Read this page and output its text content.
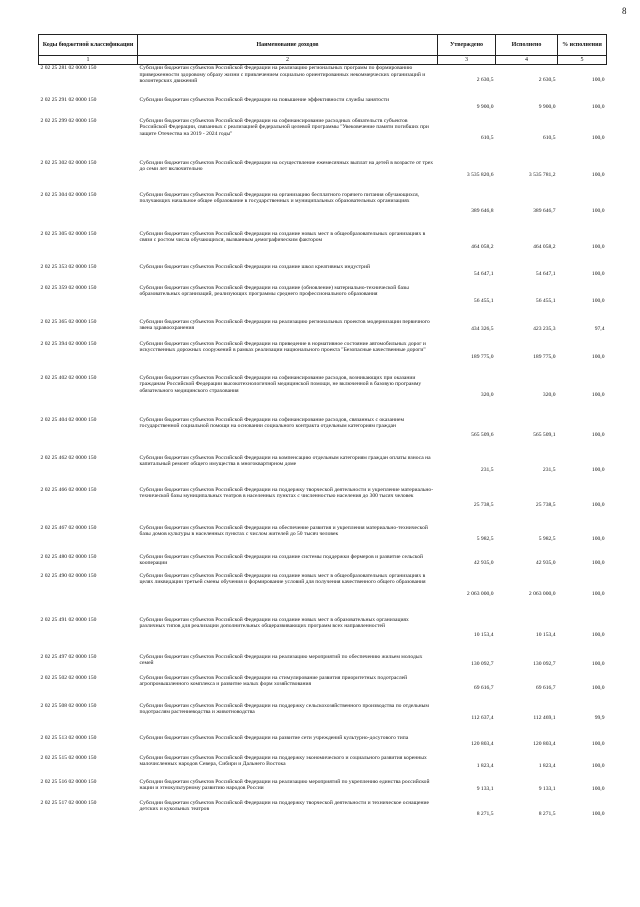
8
Коды бюджетной классификации	Наименование доходов	Утверждено	Исполнено	% исполнения
1	2	3	4	5
2 02 25 281 02 0000 150	Субсидии бюджетам субъектов Российской Федерации на реализацию региональных программ по формированию приверженности здоровому образу жизни с привлечением социально ориентированных некоммерческих организаций и волонтерских движений	2 630,5	2 630,5	100,0
2 02 25 291 02 0000 150	Субсидии бюджетам субъектов Российской Федерации на повышение эффективности службы занятости	9 900,0	9 900,0	100,0
2 02 25 299 02 0000 150	Субсидии бюджетам субъектов Российской Федерации на софинансирование расходных обязательств субъектов Российской Федерации, связанных с реализацией федеральной целевой программы "Увековечение памяти погибших при защите Отечества на 2019 - 2024 годы"	610,5	610,5	100,0
2 02 25 302 02 0000 150	Субсидии бюджетам субъектов Российской Федерации на осуществление ежемесячных выплат на детей в возрасте от трех до семи лет включительно	3 535 820,6	3 535 781,2	100,0
2 02 25 304 02 0000 150	Субсидии бюджетам субъектов Российской Федерации на организацию бесплатного горячего питания обучающихся, получающих начальное общее образование в государственных и муниципальных образовательных организациях	389 646,8	389 646,7	100,0
2 02 25 305 02 0000 150	Субсидии бюджетам субъектов Российской Федерации на создание новых мест в общеобразовательных организациях в связи с ростом числа обучающихся, вызванным демографическим фактором	464 058,2	464 058,2	100,0
2 02 25 353 02 0000 150	Субсидии бюджетам субъектов Российской Федерации на создание школ креативных индустрий	54 647,1	54 647,1	100,0
2 02 25 359 02 0000 150	Субсидии бюджетам субъектов Российской Федерации на создание (обновление) материально-технической базы образовательных организаций, реализующих программы среднего профессионального образования	56 455,1	56 455,1	100,0
2 02 25 365 02 0000 150	Субсидии бюджетам субъектов Российской Федерации на реализацию региональных проектов модернизации первичного звена здравоохранения	434 326,5	423 235,3	97,4
2 02 25 394 02 0000 150	Субсидии бюджетам субъектов Российской Федерации на приведение в нормативное состояние автомобильных дорог и искусственных дорожных сооружений в рамках реализации национального проекта "Безопасные качественные дороги"	189 775,0	189 775,0	100,0
2 02 25 402 02 0000 150	Субсидии бюджетам субъектов Российской Федерации на софинансирование расходов, возникающих при оказании гражданам Российской Федерации высокотехнологичной медицинской помощи, не включенной в базовую программу обязательного медицинского страхования	320,0	320,0	100,0
2 02 25 404 02 0000 150	Субсидии бюджетам субъектов Российской Федерации на софинансирование расходов, связанных с оказанием государственной социальной помощи на основании социального контракта отдельным категориям граждан	565 509,6	565 509,1	100,0
2 02 25 462 02 0000 150	Субсидии бюджетам субъектов Российской Федерации на компенсацию отдельным категориям граждан оплаты взноса на капитальный ремонт общего имущества в многоквартирном доме	231,5	231,5	100,0
2 02 25 466 02 0000 150	Субсидии бюджетам субъектов Российской Федерации на поддержку творческой деятельности и укрепление материально-технической базы муниципальных театров в населенных пунктах с численностью населения до 300 тысяч человек	25 738,5	25 738,5	100,0
2 02 25 467 02 0000 150	Субсидии бюджетам субъектов Российской Федерации на обеспечение развития и укрепления материально-технической базы домов культуры в населенных пунктах с числом жителей до 50 тысяч человек	5 982,5	5 982,5	100,0
2 02 25 480 02 0000 150	Субсидии бюджетам субъектов Российской Федерации на создание системы поддержки фермеров и развитие сельской кооперации	42 935,0	42 935,0	100,0
2 02 25 490 02 0000 150	Субсидии бюджетам субъектов Российской Федерации на создание новых мест в общеобразовательных организациях в целях ликвидации третьей смены обучения и формирование условий для получения качественного общего образования	2 063 000,0	2 063 000,0	100,0
2 02 25 491 02 0000 150	Субсидии бюджетам субъектов Российской Федерации на создание новых мест в образовательных организациях различных типов для реализации дополнительных общеразвивающих программ всех направленностей	10 153,4	10 153,4	100,0
2 02 25 497 02 0000 150	Субсидии бюджетам субъектов Российской Федерации на реализацию мероприятий по обеспечению жильем молодых семей	130 092,7	130 092,7	100,0
2 02 25 502 02 0000 150	Субсидии бюджетам субъектов Российской Федерации на стимулирование развития приоритетных подотраслей агропромышленного комплекса и развитие малых форм хозяйствования	69 616,7	69 616,7	100,0
2 02 25 508 02 0000 150	Субсидии бюджетам субъектов Российской Федерации на поддержку сельскохозяйственного производства по отдельным подотраслям растениеводства и животноводства	112 637,4	112 469,1	99,9
2 02 25 513 02 0000 150	Субсидии бюджетам субъектов Российской Федерации на развитие сети учреждений культурно-досугового типа	120 803,4	120 803,4	100,0
2 02 25 515 02 0000 150	Субсидии бюджетам субъектов Российской Федерации на поддержку экономического и социального развития коренных малочисленных народов Севера, Сибири и Дальнего Востока	1 823,4	1 823,4	100,0
2 02 25 516 02 0000 150	Субсидии бюджетам субъектов Российской Федерации на реализацию мероприятий по укреплению единства российской нации и этнокультурному развитию народов России	9 133,1	9 133,1	100,0
2 02 25 517 02 0000 150	Субсидии бюджетам субъектов Российской Федерации на поддержку творческой деятельности и техническое оснащение детских и кукольных театров	8 271,5	8 271,5	100,0
